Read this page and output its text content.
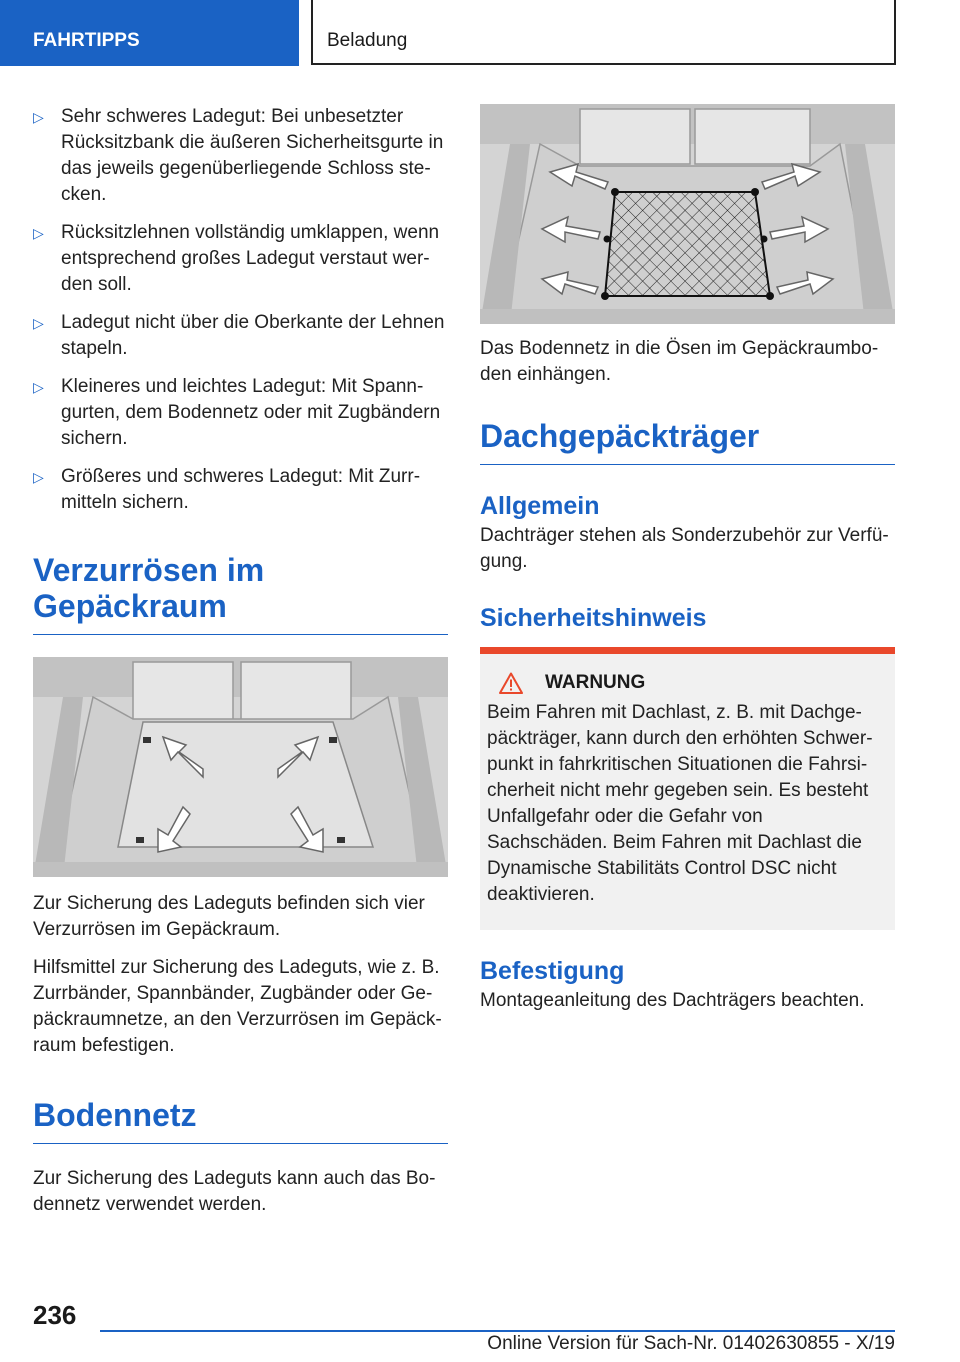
FAHRTIPPS	Beladung
▷ Sehr schweres Ladegut: Bei unbesetzter Rücksitzbank die äußeren Sicherheitsgurte in das jeweils gegenüberliegende Schloss stecken.
▷ Rücksitzlehnen vollständig umklappen, wenn entsprechend großes Ladegut verstaut werden soll.
▷ Ladegut nicht über die Oberkante der Lehnen stapeln.
▷ Kleineres und leichtes Ladegut: Mit Spanngurten, dem Bodennetz oder mit Zugbändern sichern.
▷ Größeres und schweres Ladegut: Mit Zurrmitteln sichern.
Verzurrösen im
Gepäckraum

Zur Sicherung des Ladeguts befinden sich vier Verzurrösen im Gepäckraum.

Hilfsmittel zur Sicherung des Ladeguts, wie z. B. Zurrbänder, Spannbänder, Zugbänder oder Gepäckraumnetze, an den Verzurrösen im Gepäckraum befestigen.

Bodennetz

Zur Sicherung des Ladeguts kann auch das Bodennetz verwendet werden.

Das Bodennetz in die Ösen im Gepäckraumboden einhängen.

Dachgepäckträger
Allgemein

Dachträger stehen als Sonderzubehör zur Verfügung.

Sicherheitshinweis
WARNUNG

Beim Fahren mit Dachlast, z. B. mit Dachgepäckträger, kann durch den erhöhten Schwerpunkt in fahrkritischen Situationen die Fahrsicherheit nicht mehr gegeben sein. Es besteht Unfallgefahr oder die Gefahr von Sachschäden. Beim Fahren mit Dachlast die Dynamische Stabilitäts Control DSC nicht deaktivieren.

Befestigung

Montageanleitung des Dachträgers beachten.

236
Online Version für Sach-Nr. 01402630855 - X/19
